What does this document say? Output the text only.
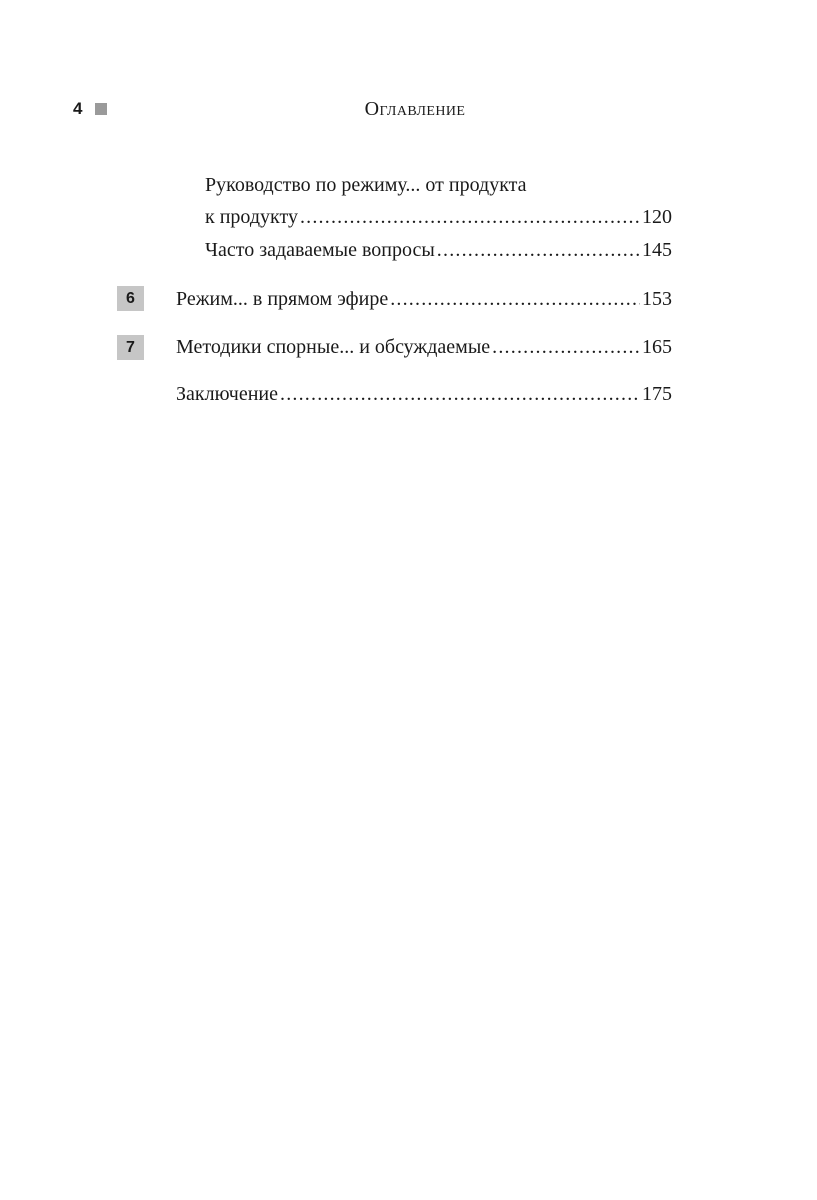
4	Оглавление
Руководство по режиму... от продукта
к продукту .....	120
Часто задаваемые вопросы .....	145
6	Режим... в прямом эфире .....	153
7	Методики спорные... и обсуждаемые .....	165
Заключение .....	175
